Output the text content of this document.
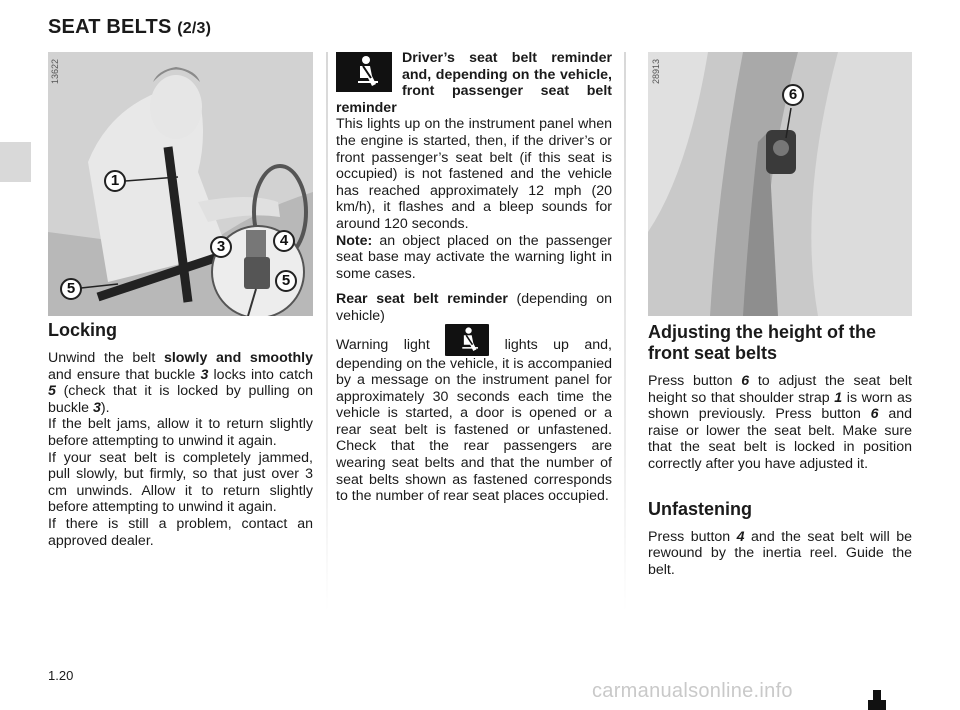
SEAT BELTS (2/3)
13622
1
3	4
5	5
Locking

Unwind the belt slowly and smoothly and ensure that buckle 3 locks into catch 5 (check that it is locked by pulling on buckle 3).

If the belt jams, allow it to return slightly before attempting to unwind it again.

If your seat belt is completely jammed, pull slowly, but firmly, so that just over 3 cm unwinds. Allow it to return slightly before attempting to unwind it again.

If there is still a problem, contact an approved dealer.

Driver’s seat belt reminder and, depending on the vehicle, front passenger seat belt reminder

This lights up on the instrument panel when the engine is started, then, if the driver’s or front passenger’s seat belt (if this seat is occupied) is not fastened and the vehicle has reached approximately 12 mph (20 km/h), it flashes and a bleep sounds for around 120 seconds.

Note: an object placed on the passenger seat base may activate the warning light in some cases.

Rear seat belt reminder (depending on vehicle)

Warning light	lights up and, depending on the vehicle, it is accompanied by a message on the instrument panel for approximately 30 seconds each time the vehicle is started, a door is opened or a rear seat belt is fastened or unfastened. Check that the rear passengers are wearing seat belts and that the number of seat belts shown as fastened corresponds to the number of rear seat places occupied.

28913
6
Adjusting the height of the front seat belts

Press button 6 to adjust the seat belt height so that shoulder strap 1 is worn as shown previously. Press button 6 and raise or lower the seat belt. Make sure that the seat belt is locked in position correctly after you have adjusted it.

Unfastening

Press button 4 and the seat belt will be rewound by the inertia reel. Guide the belt.

1.20

carmanualsonline.info
